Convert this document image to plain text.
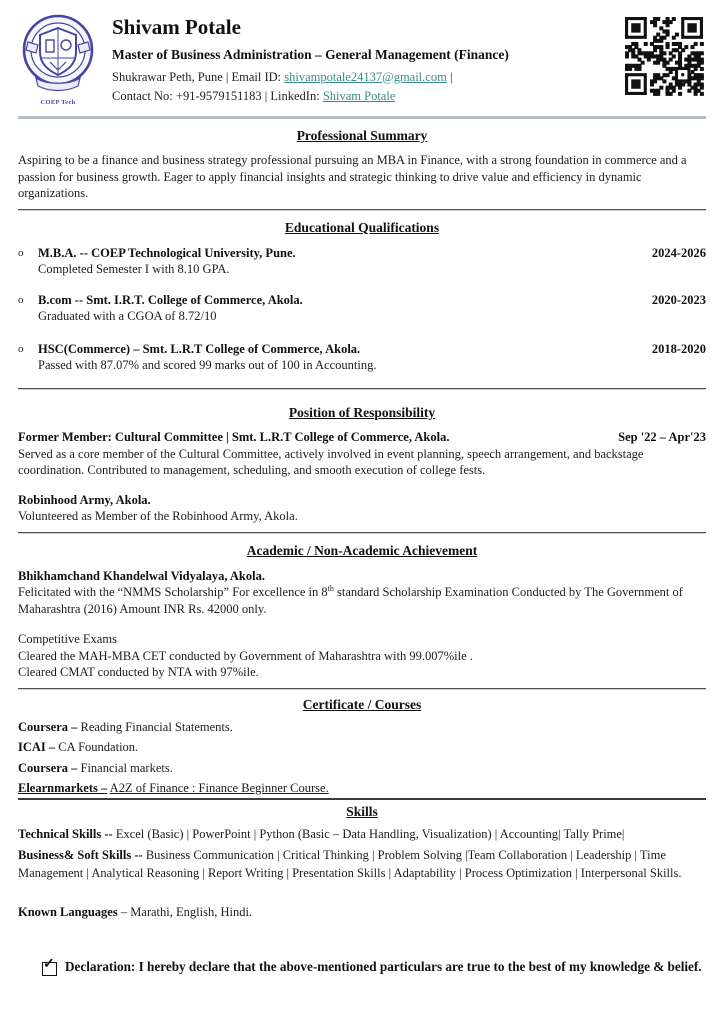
COEP Tech
Shivam Potale
Master of Business Administration – General Management (Finance)
Shukrawar Peth, Pune | Email ID: shivampotale24137@gmail.com |
Contact No: +91-9579151183 | LinkedIn: Shivam Potale
Professional Summary

Aspiring to be a finance and business strategy professional pursuing an MBA in Finance, with a strong foundation in commerce and a passion for business growth. Eager to apply financial insights and strategic thinking to drive value and efficiency in dynamic organizations.

Educational Qualifications
o	M.B.A. -- COEP Technological University, Pune.	2024-2026
Completed Semester I with 8.10 GPA.
o	B.com -- Smt. I.R.T. College of Commerce, Akola.	2020-2023
Graduated with a CGOA of 8.72/10
o	HSC(Commerce) – Smt. L.R.T College of Commerce, Akola.	2018-2020
Passed with 87.07% and scored 99 marks out of 100 in Accounting.
Position of Responsibility
Former Member: Cultural Committee | Smt. L.R.T College of Commerce, Akola.	Sep '22 – Apr'23

Served as a core member of the Cultural Committee, actively involved in event planning, speech arrangement, and backstage coordination. Contributed to management, scheduling, and smooth execution of college fests.

Robinhood Army, Akola.

Volunteered as Member of the Robinhood Army, Akola.

Academic / Non-Academic Achievement
Bhikhamchand Khandelwal Vidyalaya, Akola.

Felicitated with the “NMMS Scholarship” For excellence in 8th standard Scholarship Examination Conducted by The Government of Maharashtra (2016) Amount INR Rs. 42000 only.

Competitive Exams
Cleared the MAH-MBA CET conducted by Government of Maharashtra with 99.007%ile .
Cleared CMAT conducted by NTA with 97%ile.
Certificate / Courses
Coursera – Reading Financial Statements.
ICAI – CA Foundation.
Coursera – Financial markets.
Elearnmarkets – A2Z of Finance : Finance Beginner Course.
Skills

Technical Skills -- Excel (Basic) | PowerPoint | Python (Basic – Data Handling, Visualization) | Accounting| Tally Prime|

Business& Soft Skills -- Business Communication | Critical Thinking | Problem Solving |Team Collaboration | Leadership | Time Management | Analytical Reasoning | Report Writing | Presentation Skills | Adaptability | Process Optimization | Interpersonal Skills.

Known Languages – Marathi, English, Hindi.

✓ Declaration: I hereby declare that the above-mentioned particulars are true to the best of my knowledge & belief.
